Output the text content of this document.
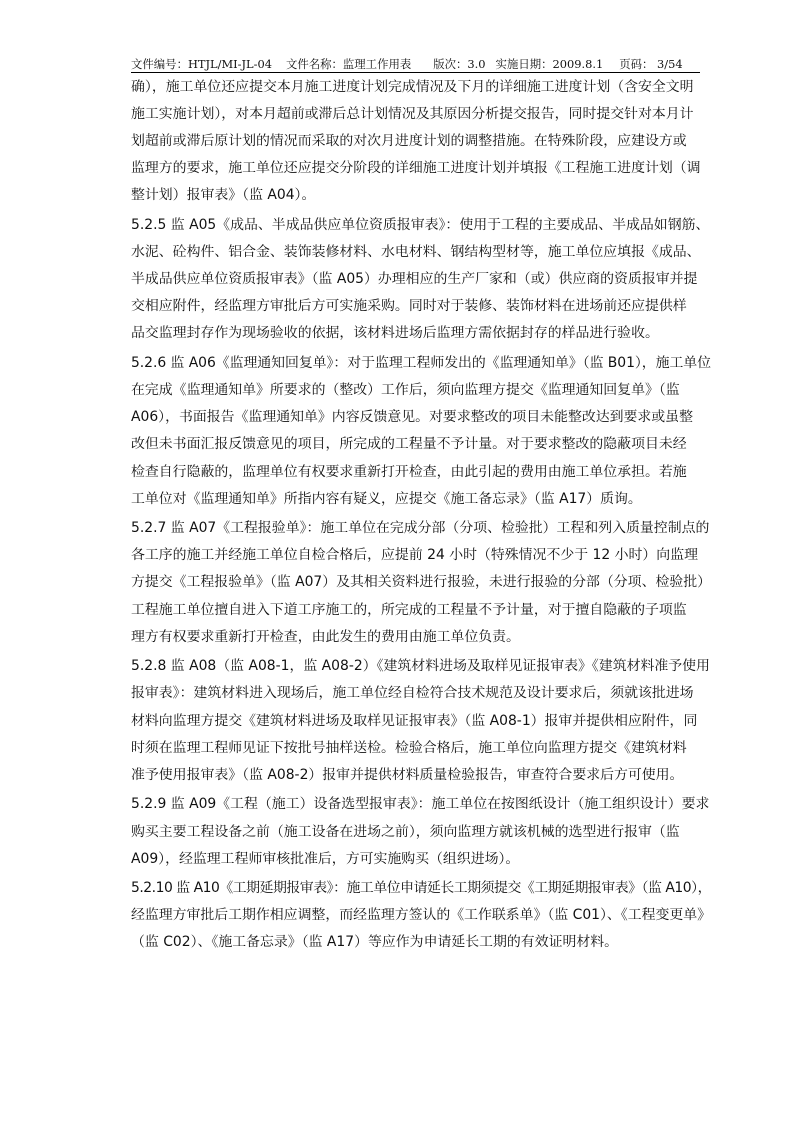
文件编号：HTJL/MI-JL-04 文件名称：监理工作用表 版次：3.0 实施日期：2009.8.1 页码： 3/54
确），施工单位还应提交本月施工进度计划完成情况及下月的详细施工进度计划（含安全文明
施工实施计划），对本月超前或滞后总计划情况及其原因分析提交报告，同时提交针对本月计
划超前或滞后原计划的情况而采取的对次月进度计划的调整措施。在特殊阶段，应建设方或
监理方的要求，施工单位还应提交分阶段的详细施工进度计划并填报《工程施工进度计划（调
整计划）报审表》（监 A04）。
5.2.5 监 A05《成品、半成品供应单位资质报审表》：使用于工程的主要成品、半成品如钢筋、
水泥、砼构件、铝合金、装饰装修材料、水电材料、钢结构型材等，施工单位应填报《成品、
半成品供应单位资质报审表》（监 A05）办理相应的生产厂家和（或）供应商的资质报审并提
交相应附件，经监理方审批后方可实施采购。同时对于装修、装饰材料在进场前还应提供样
品交监理封存作为现场验收的依据，该材料进场后监理方需依据封存的样品进行验收。
5.2.6 监 A06《监理通知回复单》：对于监理工程师发出的《监理通知单》（监 B01），施工单位
在完成《监理通知单》所要求的（整改）工作后，须向监理方提交《监理通知回复单》（监
A06），书面报告《监理通知单》内容反馈意见。对要求整改的项目未能整改达到要求或虽整
改但未书面汇报反馈意见的项目，所完成的工程量不予计量。对于要求整改的隐蔽项目未经
检查自行隐蔽的，监理单位有权要求重新打开检查，由此引起的费用由施工单位承担。若施
工单位对《监理通知单》所指内容有疑义，应提交《施工备忘录》（监 A17）质询。
5.2.7 监 A07《工程报验单》：施工单位在完成分部（分项、检验批）工程和列入质量控制点的
各工序的施工并经施工单位自检合格后，应提前 24 小时（特殊情况不少于 12 小时）向监理
方提交《工程报验单》（监 A07）及其相关资料进行报验，未进行报验的分部（分项、检验批）
工程施工单位擅自进入下道工序施工的，所完成的工程量不予计量，对于擅自隐蔽的子项监
理方有权要求重新打开检查，由此发生的费用由施工单位负责。
5.2.8 监 A08（监 A08-1，监 A08-2）《建筑材料进场及取样见证报审表》《建筑材料准予使用
报审表》：建筑材料进入现场后，施工单位经自检符合技术规范及设计要求后，须就该批进场
材料向监理方提交《建筑材料进场及取样见证报审表》（监 A08-1）报审并提供相应附件，同
时须在监理工程师见证下按批号抽样送检。检验合格后，施工单位向监理方提交《建筑材料
准予使用报审表》（监 A08-2）报审并提供材料质量检验报告，审查符合要求后方可使用。
5.2.9 监 A09《工程（施工）设备选型报审表》：施工单位在按图纸设计（施工组织设计）要求
购买主要工程设备之前（施工设备在进场之前），须向监理方就该机械的选型进行报审（监
A09），经监理工程师审核批准后，方可实施购买（组织进场）。
5.2.10 监 A10《工期延期报审表》：施工单位申请延长工期须提交《工期延期报审表》（监 A10），
经监理方审批后工期作相应调整，而经监理方签认的《工作联系单》（监 C01）、《工程变更单》
（监 C02）、《施工备忘录》（监 A17）等应作为申请延长工期的有效证明材料。
